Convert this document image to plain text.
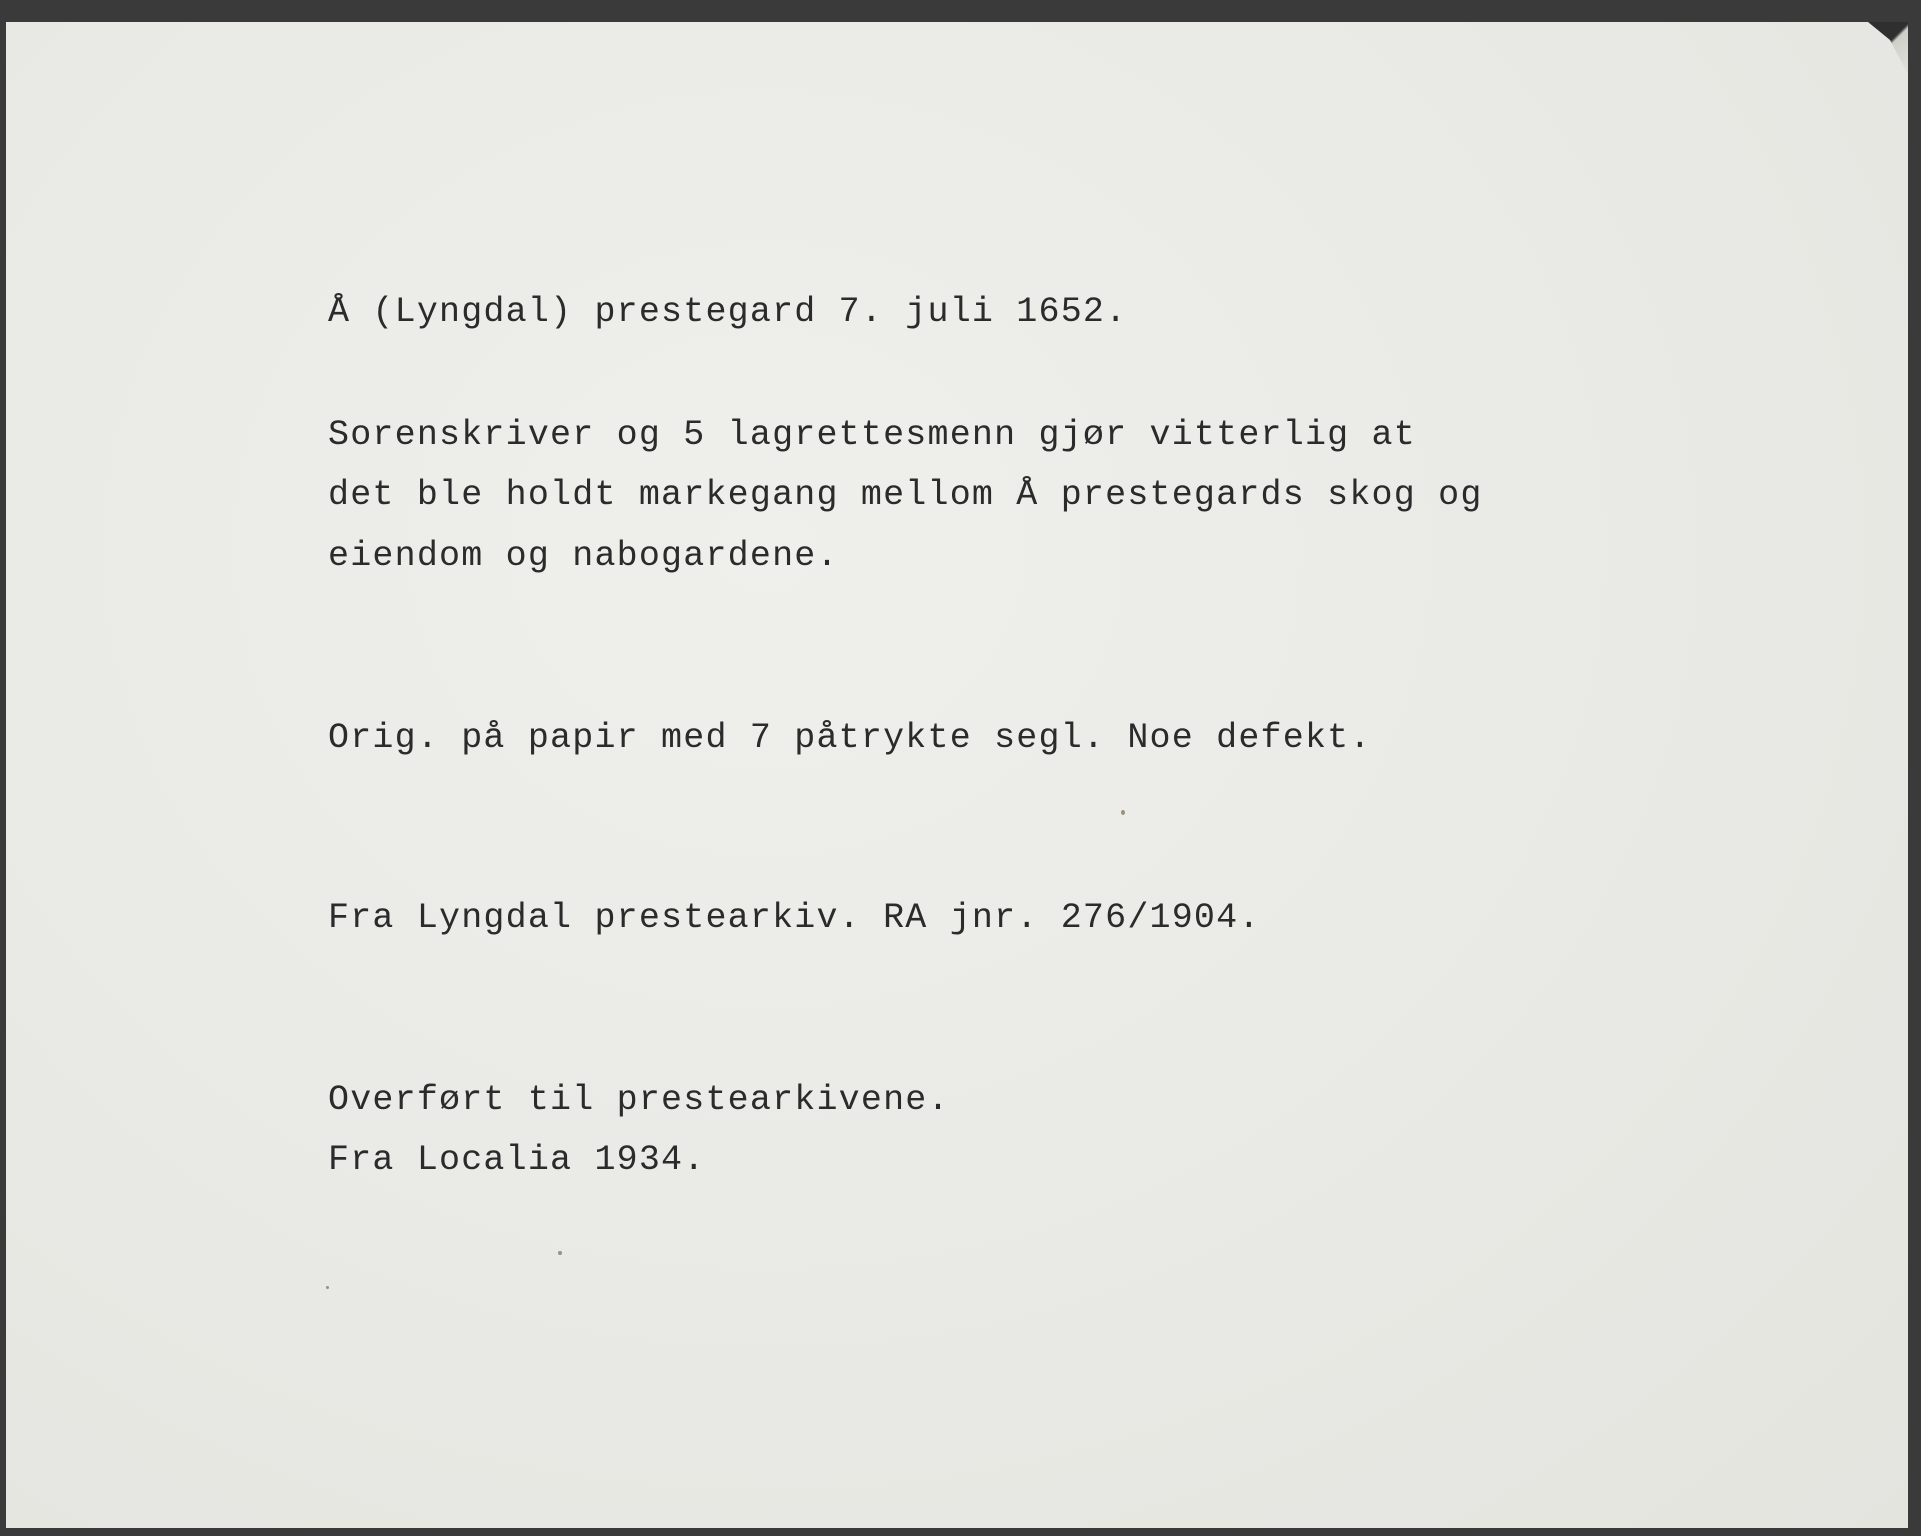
Å (Lyngdal) prestegard 7. juli 1652.

Sorenskriver og 5 lagrettesmenn gjør vitterlig at

det ble holdt markegang mellom Å prestegards skog og

eiendom og nabogardene.

Orig. på papir med 7 påtrykte segl. Noe defekt.

Fra Lyngdal prestearkiv. RA jnr. 276/1904.

Overført til prestearkivene.

Fra Localia 1934.
